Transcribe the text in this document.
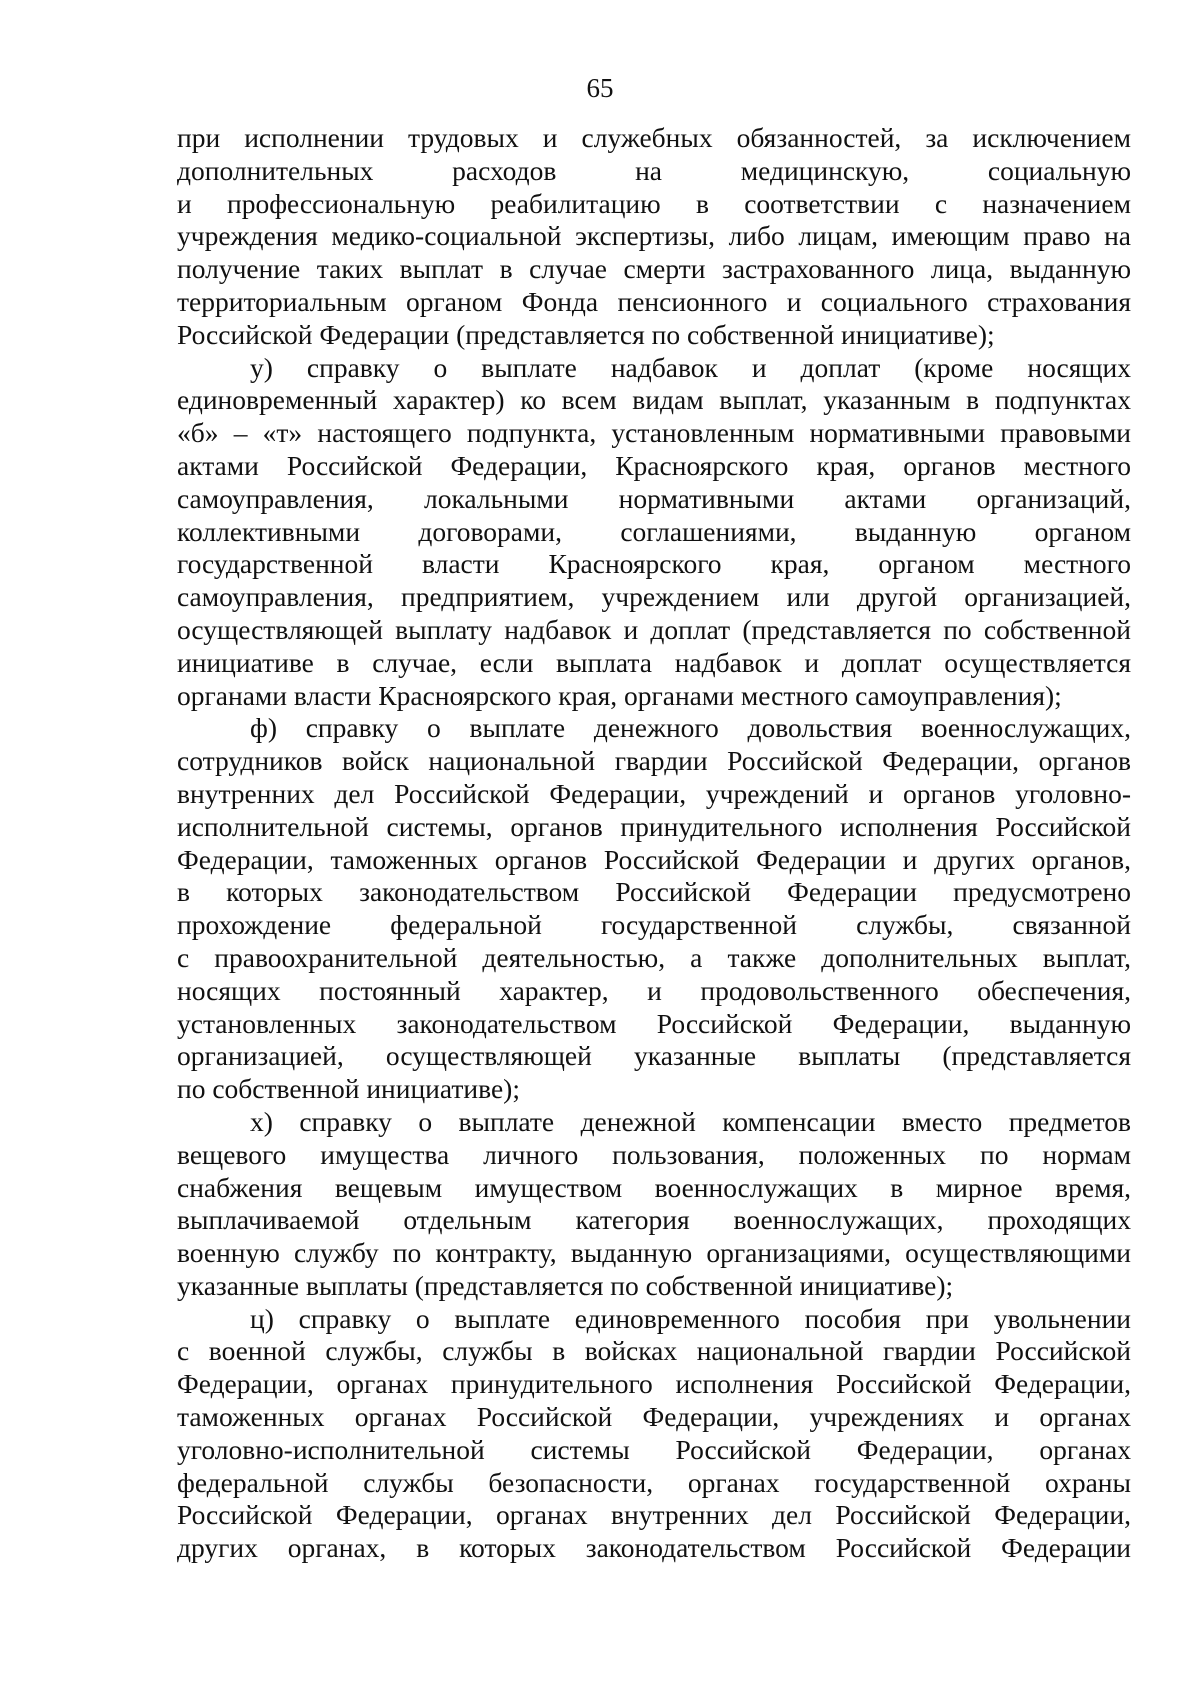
65
при исполнении трудовых и служебных обязанностей, за исключением
дополнительных расходов на медицинскую, социальную
и профессиональную реабилитацию в соответствии с назначением
учреждения медико-социальной экспертизы, либо лицам, имеющим право на
получение таких выплат в случае смерти застрахованного лица, выданную
территориальным органом Фонда пенсионного и социального страхования
Российской Федерации (представляется по собственной инициативе);
у) справку о выплате надбавок и доплат (кроме носящих
единовременный характер) ко всем видам выплат, указанным в подпунктах
«б» – «т» настоящего подпункта, установленным нормативными правовыми
актами Российской Федерации, Красноярского края, органов местного
самоуправления, локальными нормативными актами организаций,
коллективными договорами, соглашениями, выданную органом
государственной власти Красноярского края, органом местного
самоуправления, предприятием, учреждением или другой организацией,
осуществляющей выплату надбавок и доплат (представляется по собственной
инициативе в случае, если выплата надбавок и доплат осуществляется
органами власти Красноярского края, органами местного самоуправления);
ф) справку о выплате денежного довольствия военнослужащих,
сотрудников войск национальной гвардии Российской Федерации, органов
внутренних дел Российской Федерации, учреждений и органов уголовно-
исполнительной системы, органов принудительного исполнения Российской
Федерации, таможенных органов Российской Федерации и других органов,
в которых законодательством Российской Федерации предусмотрено
прохождение федеральной государственной службы, связанной
с правоохранительной деятельностью, а также дополнительных выплат,
носящих постоянный характер, и продовольственного обеспечения,
установленных законодательством Российской Федерации, выданную
организацией, осуществляющей указанные выплаты (представляется
по собственной инициативе);
х) справку о выплате денежной компенсации вместо предметов
вещевого имущества личного пользования, положенных по нормам
снабжения вещевым имуществом военнослужащих в мирное время,
выплачиваемой отдельным категория военнослужащих, проходящих
военную службу по контракту, выданную организациями, осуществляющими
указанные выплаты (представляется по собственной инициативе);
ц) справку о выплате единовременного пособия при увольнении
с военной службы, службы в войсках национальной гвардии Российской
Федерации, органах принудительного исполнения Российской Федерации,
таможенных органах Российской Федерации, учреждениях и органах
уголовно-исполнительной системы Российской Федерации, органах
федеральной службы безопасности, органах государственной охраны
Российской Федерации, органах внутренних дел Российской Федерации,
других органах, в которых законодательством Российской Федерации
